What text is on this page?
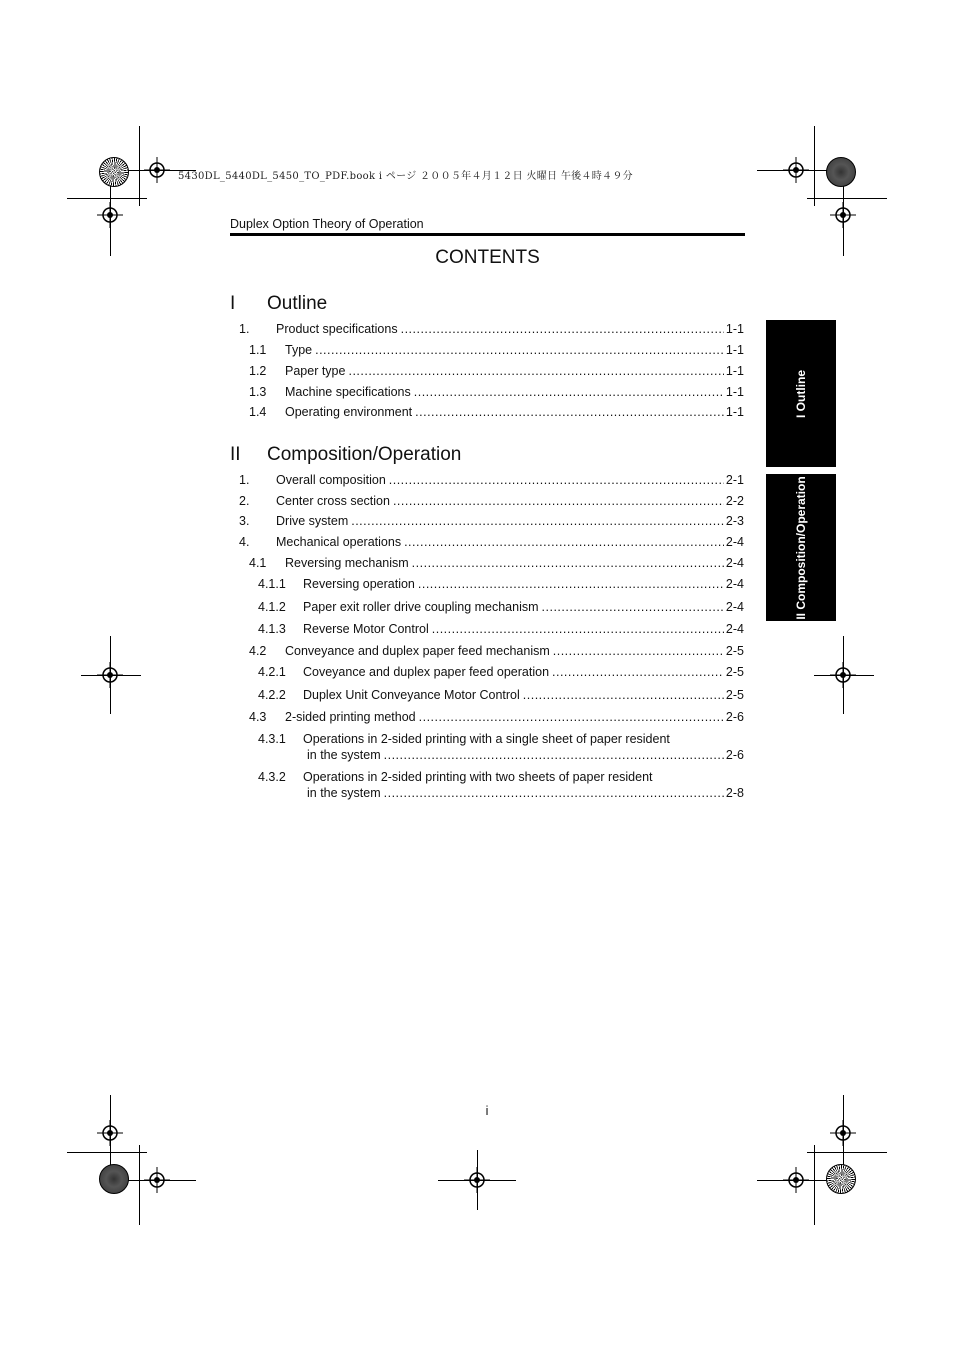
5430DL_5440DL_5450_TO_PDF.book i ページ ２００５年４月１２日 火曜日 午後４時４９分
Duplex Option Theory of Operation
CONTENTS
I Outline
1.	Product specifications .....	1-1
1.1	Type .....	1-1
1.2	Paper type .....	1-1
1.3	Machine specifications .....	1-1
1.4	Operating environment .....	1-1
II Composition/Operation
1.	Overall composition .....	2-1
2.	Center cross section .....	2-2
3.	Drive system .....	2-3
4.	Mechanical operations .....	2-4
4.1	Reversing mechanism .....	2-4
4.1.1	Reversing operation .....	2-4
4.1.2	Paper exit roller drive coupling mechanism .....	2-4
4.1.3	Reverse Motor Control .....	2-4
4.2	Conveyance and duplex paper feed mechanism .....	2-5
4.2.1	Coveyance and duplex paper feed operation .....	2-5
4.2.2	Duplex Unit Conveyance Motor Control .....	2-5
4.3	2-sided printing method .....	2-6
4.3.1	Operations in 2-sided printing with a single sheet of paper resident
in the system .....	2-6
4.3.2	Operations in 2-sided printing with two sheets of paper resident
in the system .....	2-8
I Outline
II Composition/Operation
i
